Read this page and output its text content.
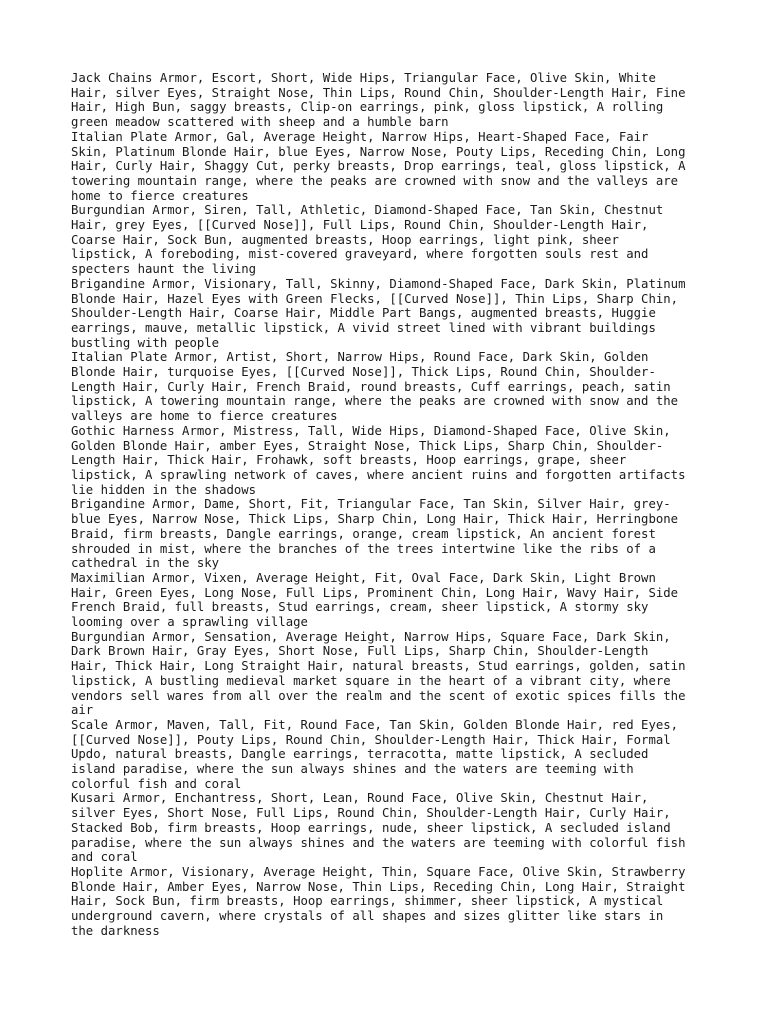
Jack Chains Armor, Escort, Short, Wide Hips, Triangular Face, Olive Skin, White
Hair, silver Eyes, Straight Nose, Thin Lips, Round Chin, Shoulder-Length Hair, Fine
Hair, High Bun, saggy breasts, Clip-on earrings, pink, gloss lipstick, A rolling
green meadow scattered with sheep and a humble barn

Italian Plate Armor, Gal, Average Height, Narrow Hips, Heart-Shaped Face, Fair
Skin, Platinum Blonde Hair, blue Eyes, Narrow Nose, Pouty Lips, Receding Chin, Long
Hair, Curly Hair, Shaggy Cut, perky breasts, Drop earrings, teal, gloss lipstick, A
towering mountain range, where the peaks are crowned with snow and the valleys are
home to fierce creatures

Burgundian Armor, Siren, Tall, Athletic, Diamond-Shaped Face, Tan Skin, Chestnut
Hair, grey Eyes, [[Curved Nose]], Full Lips, Round Chin, Shoulder-Length Hair,
Coarse Hair, Sock Bun, augmented breasts, Hoop earrings, light pink, sheer
lipstick, A foreboding, mist-covered graveyard, where forgotten souls rest and
specters haunt the living

Brigandine Armor, Visionary, Tall, Skinny, Diamond-Shaped Face, Dark Skin, Platinum
Blonde Hair, Hazel Eyes with Green Flecks, [[Curved Nose]], Thin Lips, Sharp Chin,
Shoulder-Length Hair, Coarse Hair, Middle Part Bangs, augmented breasts, Huggie
earrings, mauve, metallic lipstick, A vivid street lined with vibrant buildings
bustling with people

Italian Plate Armor, Artist, Short, Narrow Hips, Round Face, Dark Skin, Golden
Blonde Hair, turquoise Eyes, [[Curved Nose]], Thick Lips, Round Chin, Shoulder-
Length Hair, Curly Hair, French Braid, round breasts, Cuff earrings, peach, satin
lipstick, A towering mountain range, where the peaks are crowned with snow and the
valleys are home to fierce creatures

Gothic Harness Armor, Mistress, Tall, Wide Hips, Diamond-Shaped Face, Olive Skin,
Golden Blonde Hair, amber Eyes, Straight Nose, Thick Lips, Sharp Chin, Shoulder-
Length Hair, Thick Hair, Frohawk, soft breasts, Hoop earrings, grape, sheer
lipstick, A sprawling network of caves, where ancient ruins and forgotten artifacts
lie hidden in the shadows

Brigandine Armor, Dame, Short, Fit, Triangular Face, Tan Skin, Silver Hair, grey-
blue Eyes, Narrow Nose, Thick Lips, Sharp Chin, Long Hair, Thick Hair, Herringbone
Braid, firm breasts, Dangle earrings, orange, cream lipstick, An ancient forest
shrouded in mist, where the branches of the trees intertwine like the ribs of a
cathedral in the sky

Maximilian Armor, Vixen, Average Height, Fit, Oval Face, Dark Skin, Light Brown
Hair, Green Eyes, Long Nose, Full Lips, Prominent Chin, Long Hair, Wavy Hair, Side
French Braid, full breasts, Stud earrings, cream, sheer lipstick, A stormy sky
looming over a sprawling village

Burgundian Armor, Sensation, Average Height, Narrow Hips, Square Face, Dark Skin,
Dark Brown Hair, Gray Eyes, Short Nose, Full Lips, Sharp Chin, Shoulder-Length
Hair, Thick Hair, Long Straight Hair, natural breasts, Stud earrings, golden, satin
lipstick, A bustling medieval market square in the heart of a vibrant city, where
vendors sell wares from all over the realm and the scent of exotic spices fills the
air

Scale Armor, Maven, Tall, Fit, Round Face, Tan Skin, Golden Blonde Hair, red Eyes,
[[Curved Nose]], Pouty Lips, Round Chin, Shoulder-Length Hair, Thick Hair, Formal
Updo, natural breasts, Dangle earrings, terracotta, matte lipstick, A secluded
island paradise, where the sun always shines and the waters are teeming with
colorful fish and coral

Kusari Armor, Enchantress, Short, Lean, Round Face, Olive Skin, Chestnut Hair,
silver Eyes, Short Nose, Full Lips, Round Chin, Shoulder-Length Hair, Curly Hair,
Stacked Bob, firm breasts, Hoop earrings, nude, sheer lipstick, A secluded island
paradise, where the sun always shines and the waters are teeming with colorful fish
and coral

Hoplite Armor, Visionary, Average Height, Thin, Square Face, Olive Skin, Strawberry
Blonde Hair, Amber Eyes, Narrow Nose, Thin Lips, Receding Chin, Long Hair, Straight
Hair, Sock Bun, firm breasts, Hoop earrings, shimmer, sheer lipstick, A mystical
underground cavern, where crystals of all shapes and sizes glitter like stars in
the darkness
